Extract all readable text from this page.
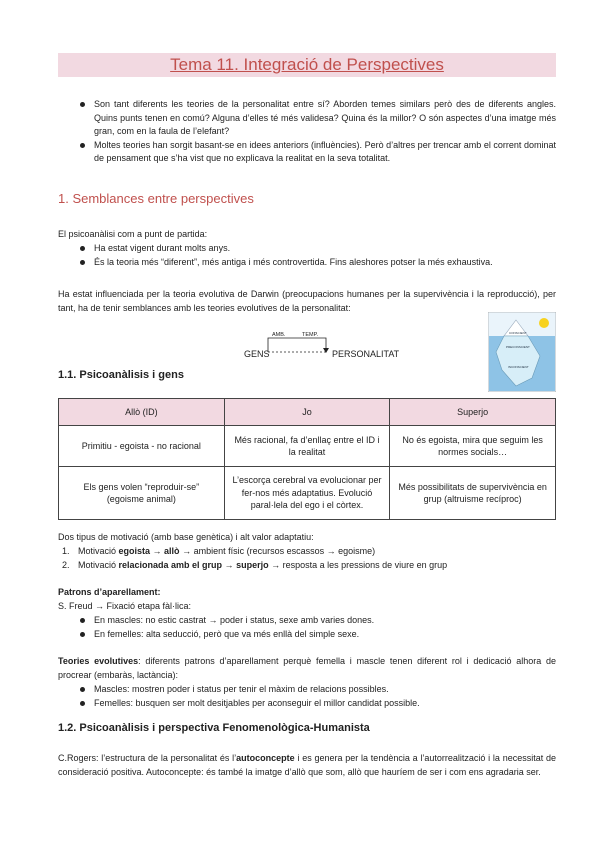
Tema 11. Integració de Perspectives
Son tant diferents les teories de la personalitat entre sí? Aborden temes similars però des de diferents angles. Quins punts tenen en comú? Alguna d’elles té més validesa? Quina és la millor? O són aspectes d’una imatge més gran, com en la faula de l’elefant?
Moltes teories han sorgit basant-se en idees anteriors (influències). Però d’altres per trencar amb el corrent dominat de pensament que s’ha vist que no explicava la realitat en la seva totalitat.
1. Semblances entre perspectives
El psicoanàlisi com a punt de partida:
Ha estat vigent durant molts anys.
És la teoria més “diferent”, més antiga i més controvertida. Fins aleshores potser la més exhaustiva.

Ha estat influenciada per la teoria evolutiva de Darwin (preocupacions humanes per la supervivència i la reproducció), per tant, ha de tenir semblances amb les teories evolutives de la personalitat:

GENS	PERSONALITAT
AMB.	TEMP.	CONSCIENT
PRECONSCIENT
INCONSCIENT
1.1. Psicoanàlisis i gens
Allò (ID)	Jo	Superjo
Primitiu - egoista - no racional	Més racional, fa d’enllaç entre el ID i la realitat	No és egoista, mira que seguim les normes socials…
Els gens volen “reproduir-se” (egoisme animal)	L’escorça cerebral va evolucionar per fer-nos més adaptatius. Evolució paral·lela del ego i el còrtex.	Més possibilitats de supervivència en grup (altruisme recíproc)
Dos tipus de motivació (amb base genètica) i alt valor adaptatiu:
1. Motivació egoista → allò → ambient físic (recursos escassos → egoisme)
2. Motivació relacionada amb el grup → superjo → resposta a les pressions de viure en grup
Patrons d’aparellament:
S. Freud → Fixació etapa fàl·lica:
En mascles: no estic castrat → poder i status, sexe amb varies dones.
En femelles: alta seducció, però que va més enllà del simple sexe.

Teories evolutives: diferents patrons d’aparellament perquè femella i mascle tenen diferent rol i dedicació alhora de procrear (embaràs, lactància):

Mascles: mostren poder i status per tenir el màxim de relacions possibles.
Femelles: busquen ser molt desitjables per aconseguir el millor candidat possible.
1.2. Psicoanàlisis i perspectiva Fenomenològica-Humanista

C.Rogers: l’estructura de la personalitat és l’autoconcepte i es genera per la tendència a l’autorrealització i la necessitat de consideració positiva. Autoconcepte: és també la imatge d’allò que som, allò que hauríem de ser i com ens agradaria ser.
